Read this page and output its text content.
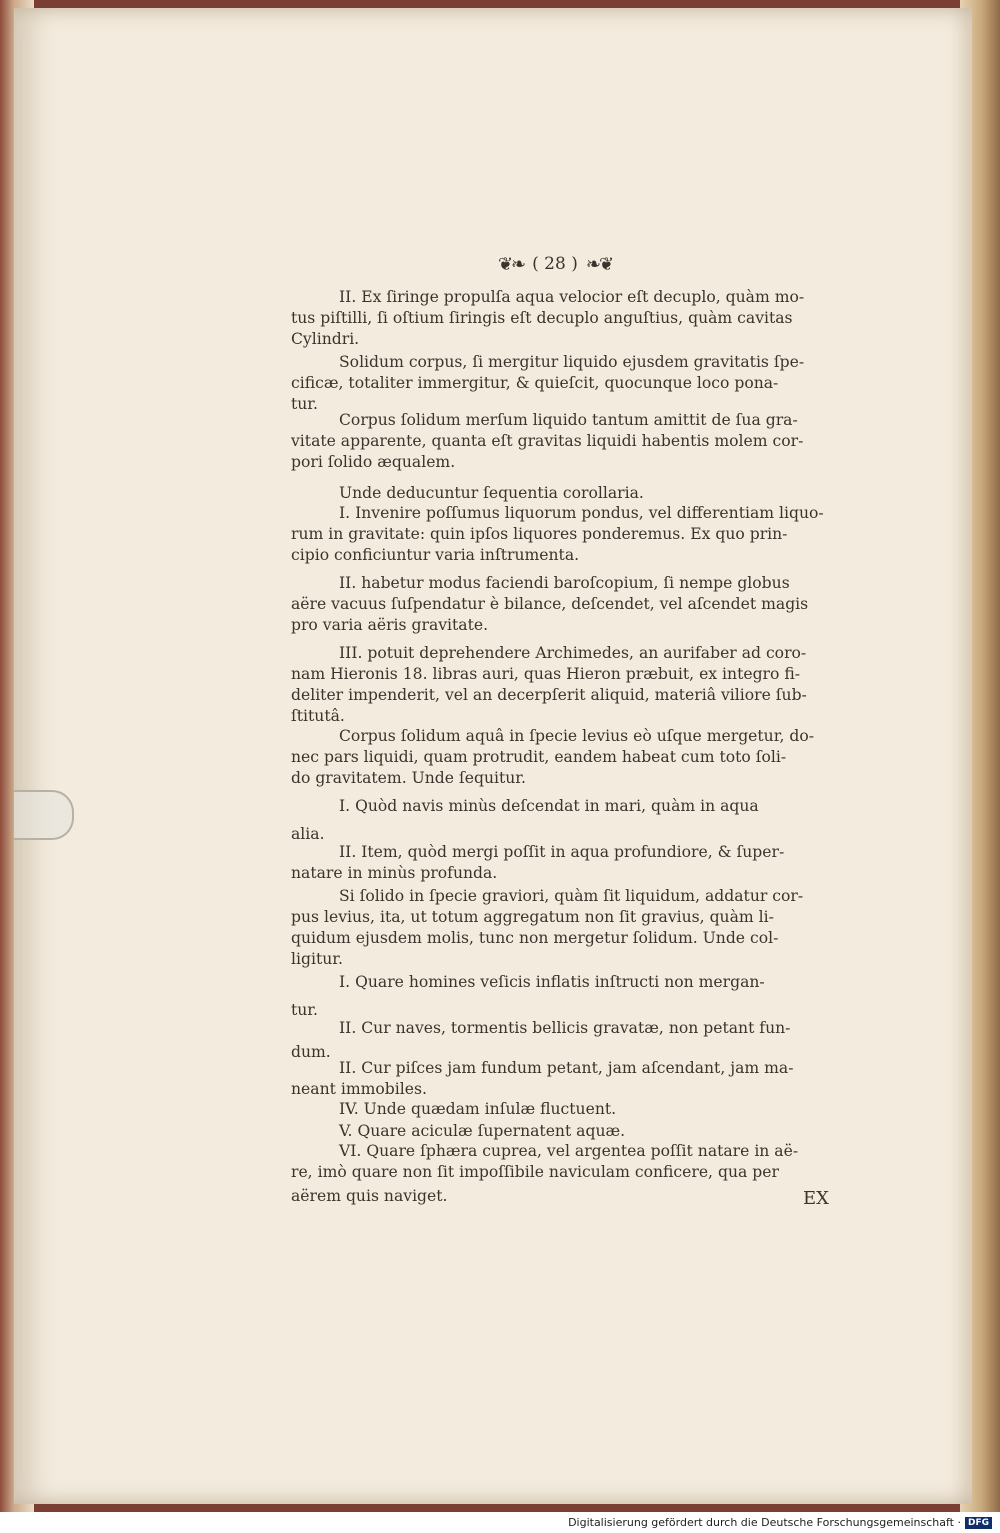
❦❧ ( 28 ) ❧❦
II. Ex ſiringe propulſa aqua velocior eſt decuplo, quàm mo-
tus piſtilli, ſi oſtium ſiringis eſt decuplo anguſtius, quàm cavitas
Cylindri.
Solidum corpus, ſi mergitur liquido ejusdem gravitatis ſpe-
cificæ, totaliter immergitur, & quieſcit, quocunque loco pona-
tur.
Corpus ſolidum merſum liquido tantum amittit de ſua gra-
vitate apparente, quanta eſt gravitas liquidi habentis molem cor-
pori ſolido æqualem.
Unde deducuntur ſequentia corollaria.
I. Invenire poſſumus liquorum pondus, vel differentiam liquo-
rum in gravitate: quin ipſos liquores ponderemus. Ex quo prin-
cipio conficiuntur varia inſtrumenta.
II. habetur modus faciendi baroſcopium, ſi nempe globus
aëre vacuus ſuſpendatur è bilance, deſcendet, vel aſcendet magis
pro varia aëris gravitate.
III. potuit deprehendere Archimedes, an aurifaber ad coro-
nam Hieronis 18. libras auri, quas Hieron præbuit, ex integro fi-
deliter impenderit, vel an decerpſerit aliquid, materiâ viliore ſub-
ſtitutâ.
Corpus ſolidum aquâ in ſpecie levius eò uſque mergetur, do-
nec pars liquidi, quam protrudit, eandem habeat cum toto ſoli-
do gravitatem. Unde ſequitur.
I. Quòd navis minùs deſcendat in mari, quàm in aqua
alia.
II. Item, quòd mergi poſſit in aqua profundiore, & ſuper-
natare in minùs profunda.
Si ſolido in ſpecie graviori, quàm ſit liquidum, addatur cor-
pus levius, ita, ut totum aggregatum non ſit gravius, quàm li-
quidum ejusdem molis, tunc non mergetur ſolidum. Unde col-
ligitur.
I. Quare homines veſicis inflatis inſtructi non mergan-
tur.
II. Cur naves, tormentis bellicis gravatæ, non petant fun-
dum.
II. Cur piſces jam fundum petant, jam aſcendant, jam ma-
neant immobiles.
IV. Unde quædam inſulæ fluctuent.
V. Quare aciculæ ſupernatent aquæ.
VI. Quare ſphæra cuprea, vel argentea poſſit natare in aë-
re, imò quare non ſit impoſſibile naviculam conficere, qua per
aërem quis naviget.	EX
Digitalisierung gefördert durch die Deutsche Forschungsgemeinschaft · DFG
